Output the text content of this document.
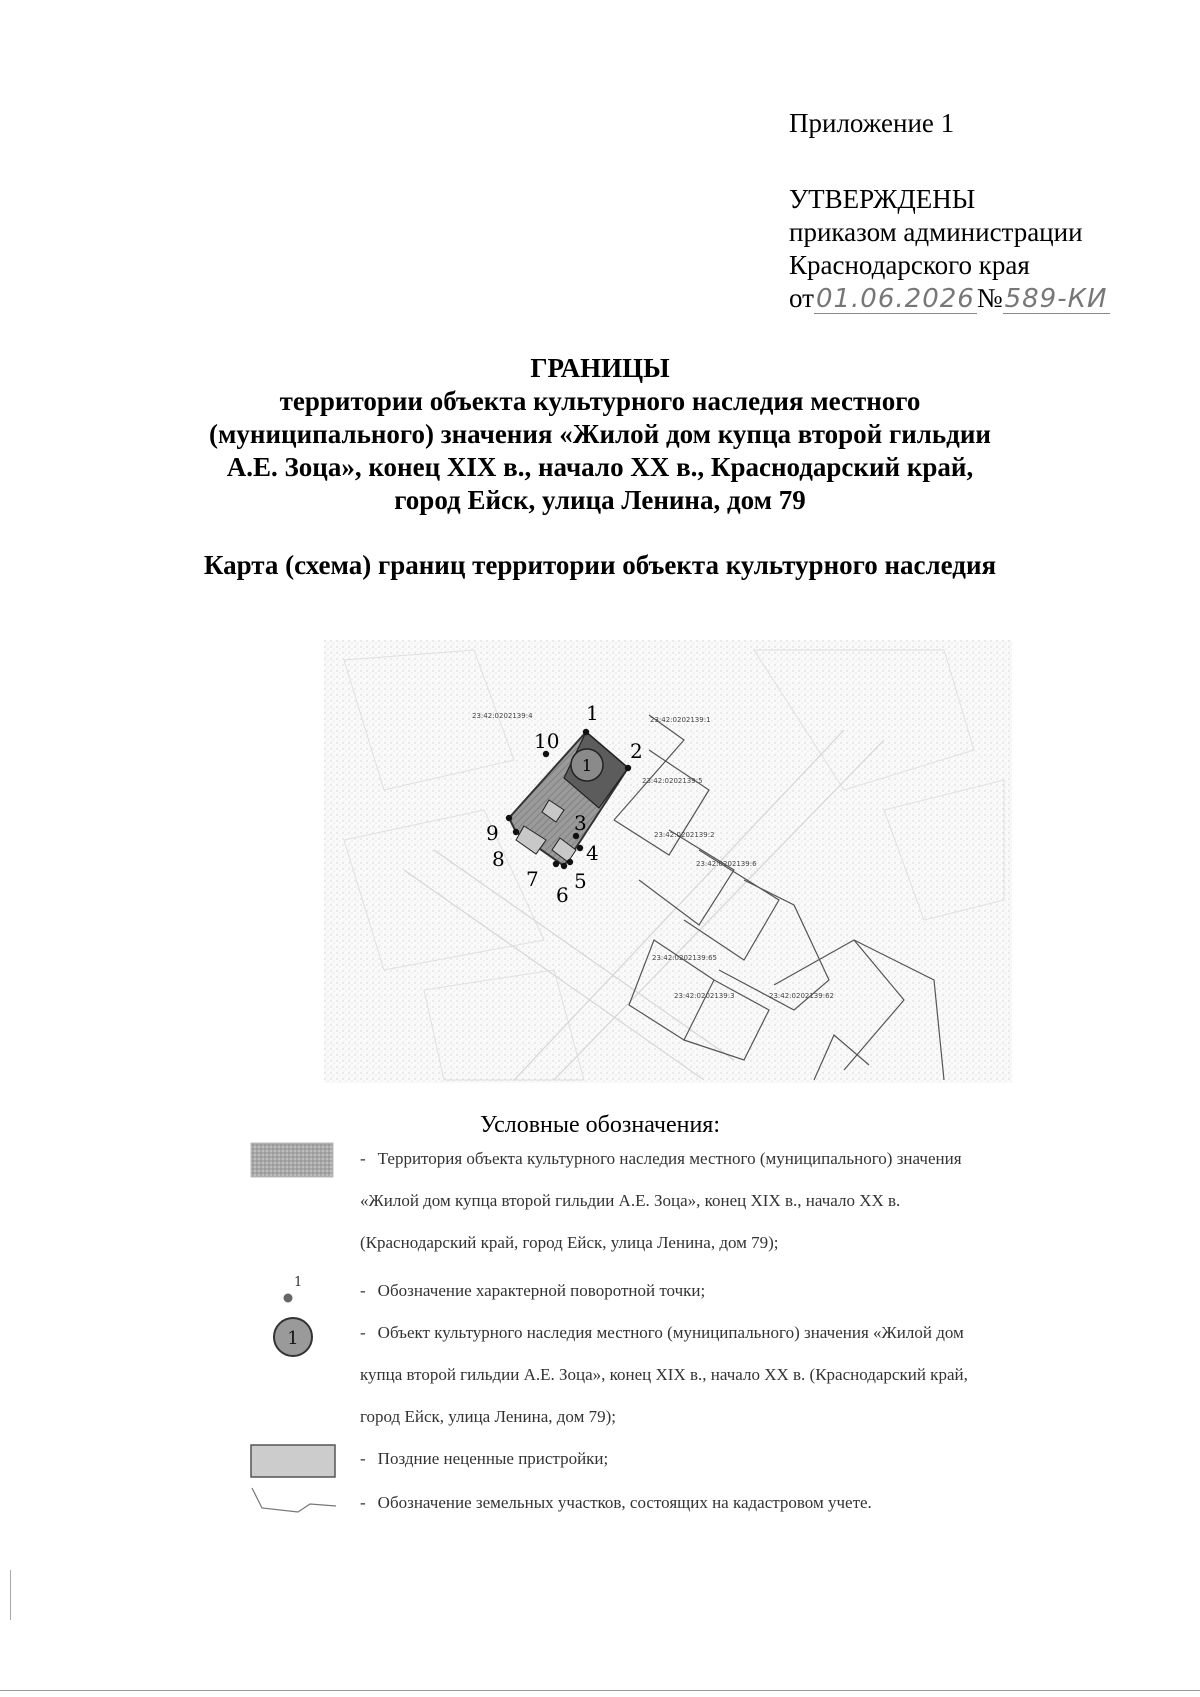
Приложение 1
УТВЕРЖДЕНЫ
приказом администрации
Краснодарского края
от01.06.2026№589-КИ
ГРАНИЦЫ
территории объекта культурного наследия местного
(муниципального) значения «Жилой дом купца второй гильдии
А.Е. Зоца», конец XIX в., начало XX в., Краснодарский край,
город Ейск, улица Ленина, дом 79
Карта (схема) границ территории объекта культурного наследия
23:42:0202139:4	23:42:0202139:1
23:42:0202139:5
23:42:0202139:2
23:42:0202139:6
23:42:0202139:65
23:42:0202139:3	23:42:0202139:62
1
1
2
3
4
5
6
7
8
9
10
Условные обозначения:
- Территория объекта культурного наследия местного (муниципального) значения
«Жилой дом купца второй гильдии А.Е. Зоца», конец XIX в., начало XX в.
(Краснодарский край, город Ейск, улица Ленина, дом 79);
1	- Обозначение характерной поворотной точки;
1	- Объект культурного наследия местного (муниципального) значения «Жилой дом
купца второй гильдии А.Е. Зоца», конец XIX в., начало XX в. (Краснодарский край,
город Ейск, улица Ленина, дом 79);
- Поздние неценные пристройки;
- Обозначение земельных участков, состоящих на кадастровом учете.
